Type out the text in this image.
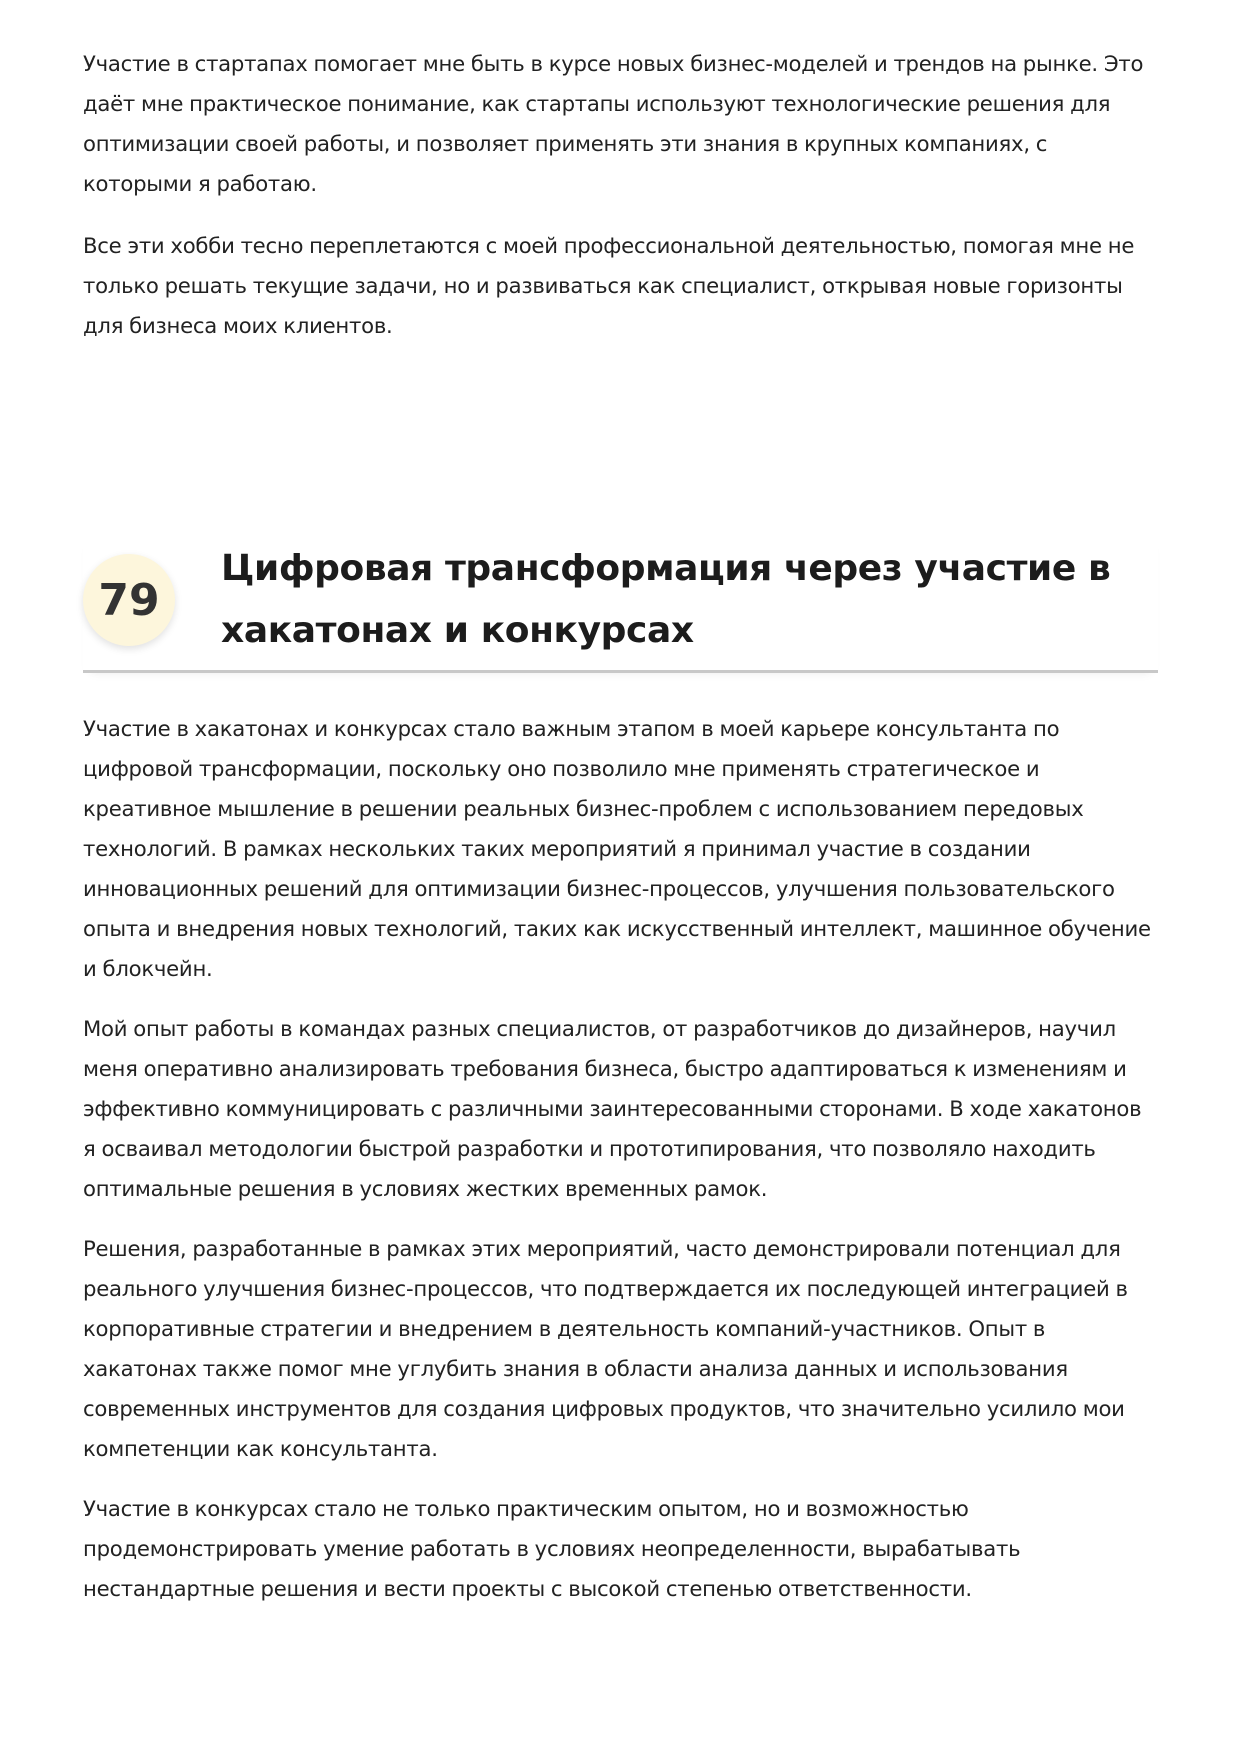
Участие в стартапах помогает мне быть в курсе новых бизнес-моделей и трендов на рынке. Это даёт мне практическое понимание, как стартапы используют технологические решения для оптимизации своей работы, и позволяет применять эти знания в крупных компаниях, с которыми я работаю.

Все эти хобби тесно переплетаются с моей профессиональной деятельностью, помогая мне не только решать текущие задачи, но и развиваться как специалист, открывая новые горизонты для бизнеса моих клиентов.

79
Цифровая трансформация через участие в хакатонах и конкурсах

Участие в хакатонах и конкурсах стало важным этапом в моей карьере консультанта по цифровой трансформации, поскольку оно позволило мне применять стратегическое и креативное мышление в решении реальных бизнес-проблем с использованием передовых технологий. В рамках нескольких таких мероприятий я принимал участие в создании инновационных решений для оптимизации бизнес-процессов, улучшения пользовательского опыта и внедрения новых технологий, таких как искусственный интеллект, машинное обучение и блокчейн.

Мой опыт работы в командах разных специалистов, от разработчиков до дизайнеров, научил меня оперативно анализировать требования бизнеса, быстро адаптироваться к изменениям и эффективно коммуницировать с различными заинтересованными сторонами. В ходе хакатонов я осваивал методологии быстрой разработки и прототипирования, что позволяло находить оптимальные решения в условиях жестких временных рамок.

Решения, разработанные в рамках этих мероприятий, часто демонстрировали потенциал для реального улучшения бизнес-процессов, что подтверждается их последующей интеграцией в корпоративные стратегии и внедрением в деятельность компаний-участников. Опыт в хакатонах также помог мне углубить знания в области анализа данных и использования современных инструментов для создания цифровых продуктов, что значительно усилило мои компетенции как консультанта.

Участие в конкурсах стало не только практическим опытом, но и возможностью продемонстрировать умение работать в условиях неопределенности, вырабатывать нестандартные решения и вести проекты с высокой степенью ответственности.
